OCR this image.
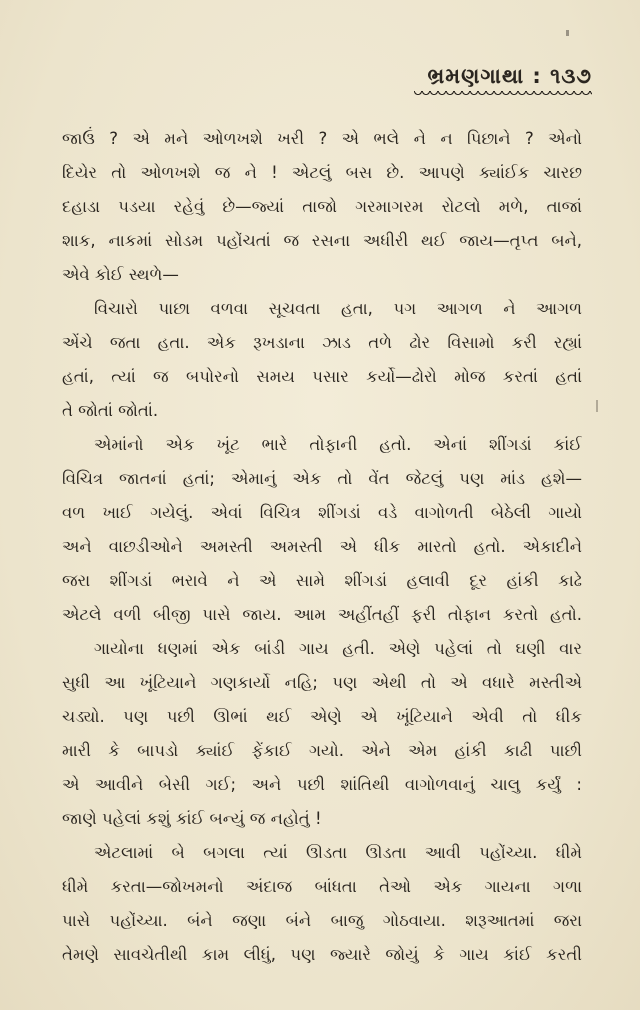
ભ્રમણગાથા : ૧૩૭
જાઉં ? એ મને ઓળખશે ખરી ? એ ભલે ને ન પિછાને ? એનો
દિયેર તો ઓળખશે જ ને ! એટલું બસ છે. આપણે ક્યાંઈક ચારછ
દહાડા પડયા રહેવું છે—જ્યાં તાજો ગરમાગરમ રોટલો મળે, તાજાં
શાક, નાકમાં સોડમ પહોંચતાં જ રસના અધીરી થઈ જાય—તૃપ્ત બને,
એવે કોઈ સ્થળે—
વિચારો પાછા વળવા સૂચવતા હતા, પગ આગળ ને આગળ
એંચે જતા હતા. એક રૂખડાના ઝાડ તળે ઢોર વિસામો કરી રહ્યાં
હતાં, ત્યાં જ બપોરનો સમય પસાર કર્યો—ઢોરો મોજ કરતાં હતાં
તે જોતાં જોતાં.
એમાંનો એક ખૂંટ ભારે તોફાની હતો. એનાં શીંગડાં કાંઈ
વિચિત્ર જાતનાં હતાં; એમાનું એક તો વેંત જેટલું પણ માંડ હશે—
વળ ખાઈ ગયેલું. એવાં વિચિત્ર શીંગડાં વડે વાગોળતી બેઠેલી ગાયો
અને વાછડીઓને અમસ્તી અમસ્તી એ ધીક મારતો હતો. એકાદીને
જરા શીંગડાં ભરાવે ને એ સામે શીંગડાં હલાવી દૂર હાંકી કાઢે
એટલે વળી બીજી પાસે જાય. આમ અહીંતહીં ફરી તોફાન કરતો હતો.
ગાયોના ધણમાં એક બાંડી ગાય હતી. એણે પહેલાં તો ઘણી વાર
સુધી આ ખૂંટિયાને ગણકાર્યો નહિ; પણ એથી તો એ વધારે મસ્તીએ
ચડ્યો. પણ પછી ઊભાં થઈ એણે એ ખૂંટિયાને એવી તો ધીક
મારી કે બાપડો ક્યાંઈ ફેંકાઈ ગયો. એને એમ હાંકી કાઢી પાછી
એ આવીને બેસી ગઈ; અને પછી શાંતિથી વાગોળવાનું ચાલુ કર્યું :
જાણે પહેલાં કશું કાંઈ બન્યું જ નહોતું !
એટલામાં બે બગલા ત્યાં ઊડતા ઊડતા આવી પહોંચ્યા. ધીમે
ધીમે કરતા—જોખમનો અંદાજ બાંધતા તેઓ એક ગાયના ગળા
પાસે પહોંચ્યા. બંને જણા બંને બાજુ ગોઠવાયા. શરૂઆતમાં જરા
તેમણે સાવચેતીથી કામ લીધું, પણ જ્યારે જોયું કે ગાય કાંઈ કરતી
